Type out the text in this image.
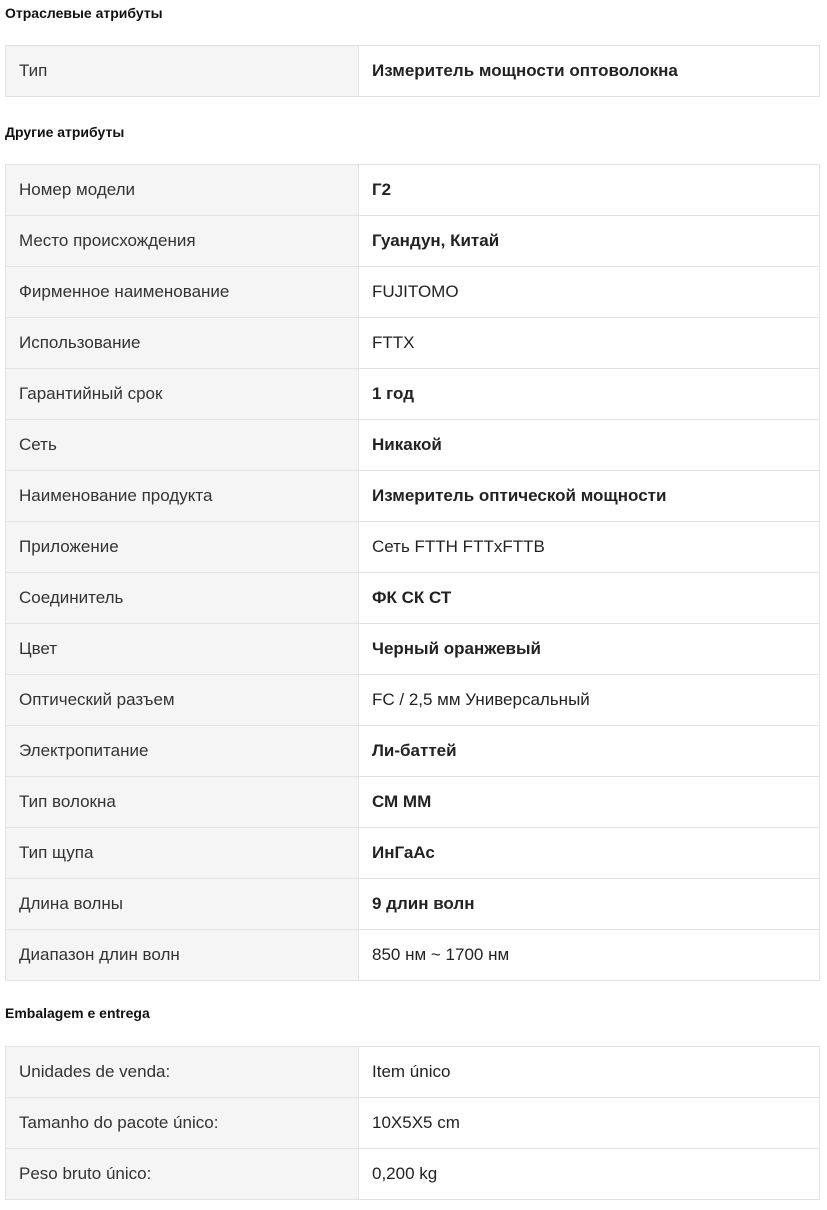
Отраслевые атрибуты
Тип	Измеритель мощности оптоволокна
Другие атрибуты
Номер модели	Г2
Место происхождения	Гуандун, Китай
Фирменное наименование	FUJITOMO
Использование	FTTX
Гарантийный срок	1 год
Сеть	Никакой
Наименование продукта	Измеритель оптической мощности
Приложение	Сеть FTTH FTTxFTTB
Соединитель	ФК СК СТ
Цвет	Черный оранжевый
Оптический разъем	FC / 2,5 мм Универсальный
Электропитание	Ли-баттей
Тип волокна	СМ ММ
Тип щупа	ИнГаАс
Длина волны	9 длин волн
Диапазон длин волн	850 нм ~ 1700 нм
Embalagem e entrega
Unidades de venda:	Item único
Tamanho do pacote único:	10X5X5 cm
Peso bruto único:	0,200 kg
